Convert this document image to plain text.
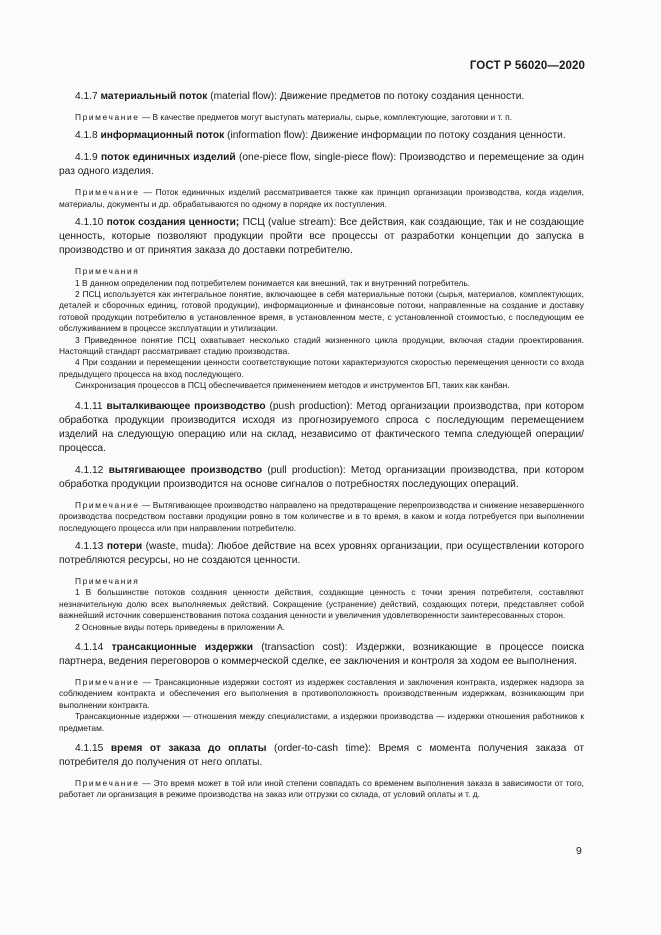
ГОСТ Р 56020—2020

4.1.7 материальный поток (material flow): Движение предметов по потоку создания ценности.

Примечание — В качестве предметов могут выступать материалы, сырье, комплектующие, заготовки и т. п.

4.1.8 информационный поток (information flow): Движение информации по потоку создания ценности.

4.1.9 поток единичных изделий (one-piece flow, single-piece flow): Производство и перемещение за один раз одного изделия.

Примечание — Поток единичных изделий рассматривается также как принцип организации производства, когда изделия, материалы, документы и др. обрабатываются по одному в порядке их поступления.

4.1.10 поток создания ценности; ПСЦ (value stream): Все действия, как создающие, так и не создающие ценность, которые позволяют продукции пройти все процессы от разработки концепции до запуска в производство и от принятия заказа до доставки потребителю.

Примечания

1 В данном определении под потребителем понимается как внешний, так и внутренний потребитель.

2 ПСЦ используется как интегральное понятие, включающее в себя материальные потоки (сырья, материалов, комплектующих, деталей и сборочных единиц, готовой продукции), информационные и финансовые потоки, направленные на создание и доставку готовой продукции потребителю в установленное время, в установленном месте, с установленной стоимостью, с последующим ее обслуживанием в процессе эксплуатации и утилизации.

3 Приведенное понятие ПСЦ охватывает несколько стадий жизненного цикла продукции, включая стадии проектирования. Настоящий стандарт рассматривает стадию производства.

4 При создании и перемещении ценности соответствующие потоки характеризуются скоростью перемещения ценности со входа предыдущего процесса на вход последующего.

Синхронизация процессов в ПСЦ обеспечивается применением методов и инструментов БП, таких как канбан.

4.1.11 выталкивающее производство (push production): Метод организации производства, при котором обработка продукции производится исходя из прогнозируемого спроса с последующим перемещением изделий на следующую операцию или на склад, независимо от фактического темпа следующей операции/процесса.

4.1.12 вытягивающее производство (pull production): Метод организации производства, при котором обработка продукции производится на основе сигналов о потребностях последующих операций.

Примечание — Вытягивающее производство направлено на предотвращение перепроизводства и снижение незавершенного производства посредством поставки продукции ровно в том количестве и в то время, в каком и когда потребуется при выполнении последующего процесса или при направлении потребителю.

4.1.13 потери (waste, muda): Любое действие на всех уровнях организации, при осуществлении которого потребляются ресурсы, но не создаются ценности.

Примечания

1 В большинстве потоков создания ценности действия, создающие ценность с точки зрения потребителя, составляют незначительную долю всех выполняемых действий. Сокращение (устранение) действий, создающих потери, представляет собой важнейший источник совершенствования потока создания ценности и увеличения удовлетворенности заинтересованных сторон.

2 Основные виды потерь приведены в приложении А.

4.1.14 трансакционные издержки (transaction cost): Издержки, возникающие в процессе поиска партнера, ведения переговоров о коммерческой сделке, ее заключения и контроля за ходом ее выполнения.

Примечание — Трансакционные издержки состоят из издержек составления и заключения контракта, издержек надзора за соблюдением контракта и обеспечения его выполнения в противоположность производственным издержкам, возникающим при выполнении контракта.

Трансакционные издержки — отношения между специалистами, а издержки производства — издержки отношения работников к предметам.

4.1.15 время от заказа до оплаты (order-to-cash time): Время с момента получения заказа от потребителя до получения от него оплаты.

Примечание — Это время может в той или иной степени совпадать со временем выполнения заказа в зависимости от того, работает ли организация в режиме производства на заказ или отгрузки со склада, от условий оплаты и т. д.

9
